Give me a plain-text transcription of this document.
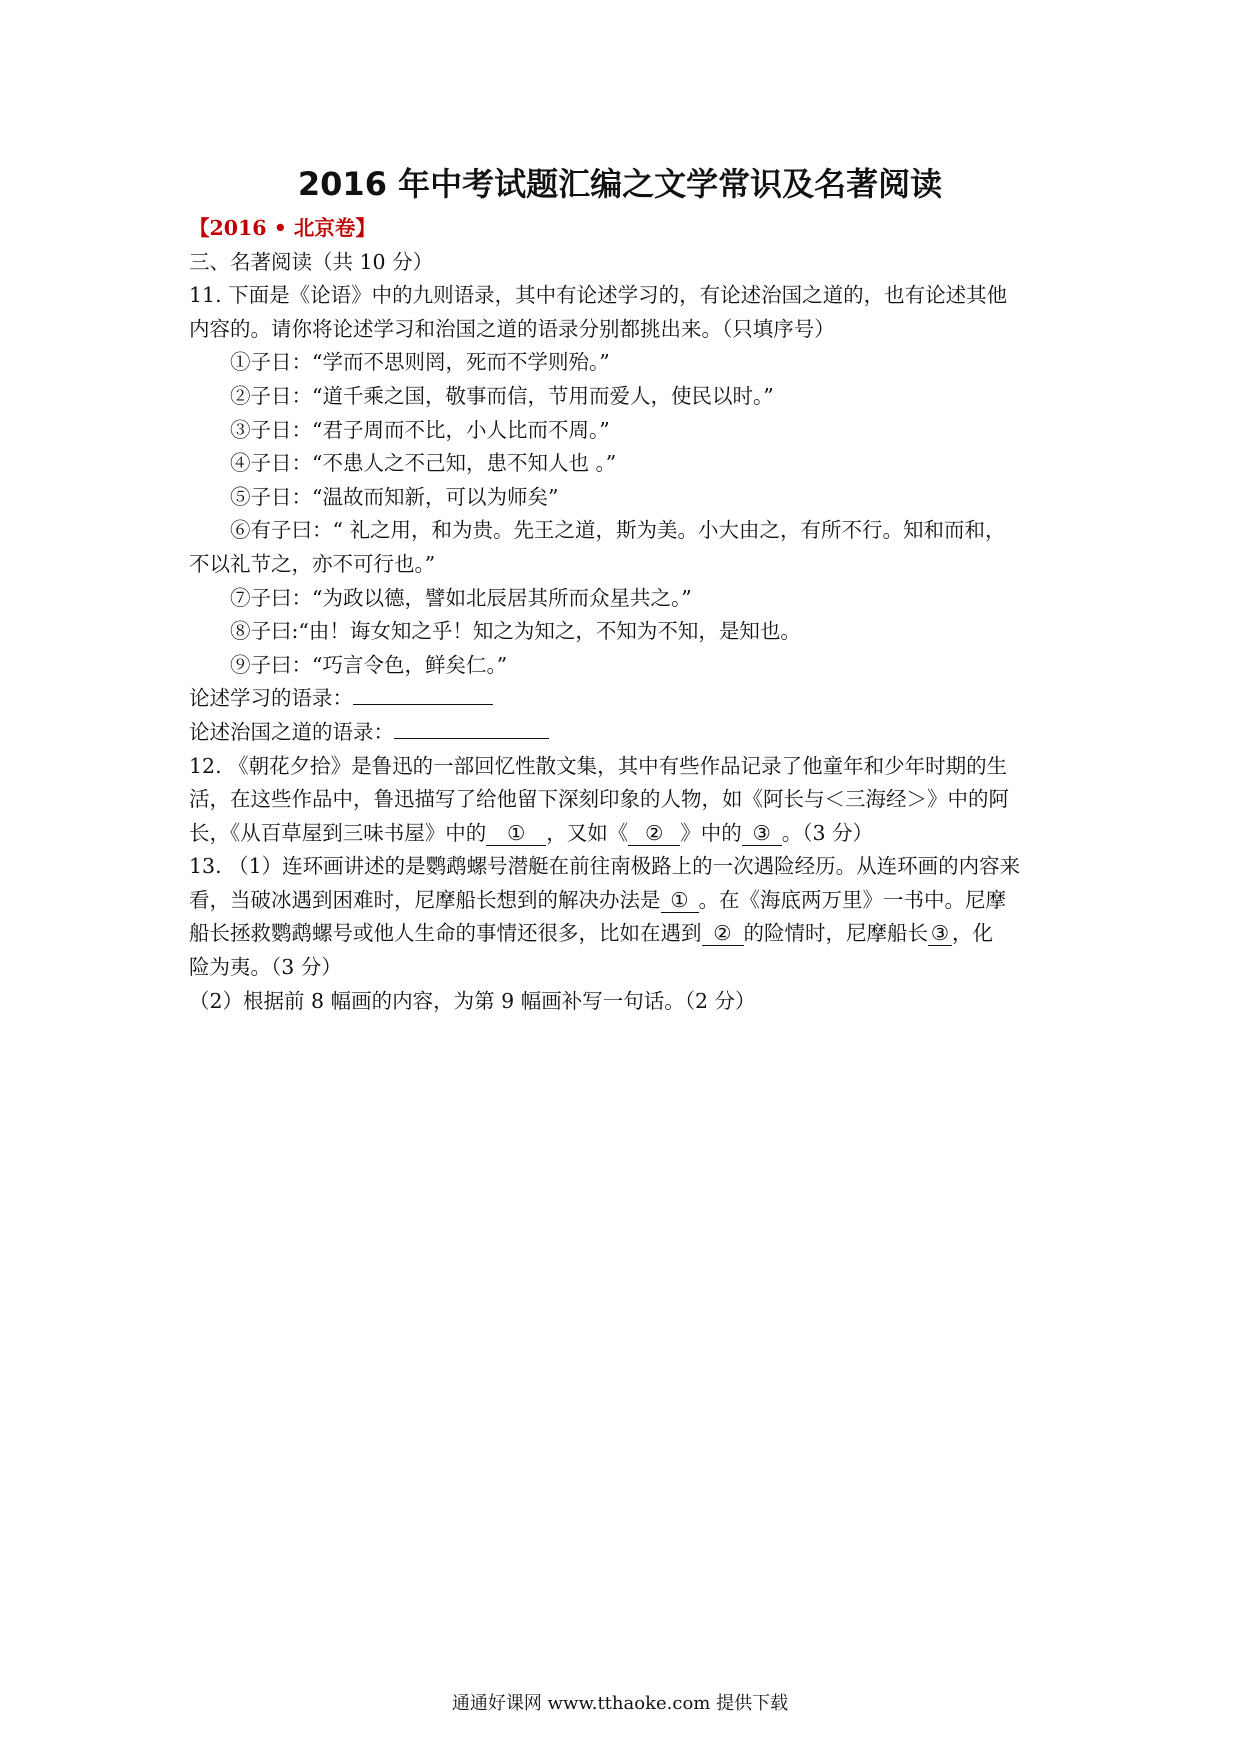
2016 年中考试题汇编之文学常识及名著阅读
【2016 • 北京卷】
三、名著阅读（共 10 分）
11. 下面是《论语》中的九则语录，其中有论述学习的，有论述治国之道的，也有论述其他
内容的。请你将论述学习和治国之道的语录分别都挑出来。（只填序号）
①子日：“学而不思则罔，死而不学则殆。”
②子日：“道千乘之国，敬事而信，节用而爱人，使民以时。”
③子日：“君子周而不比，小人比而不周。”
④子日：“不患人之不己知，患不知人也 。”
⑤子日：“温故而知新，可以为师矣”
⑥有子曰：“ 礼之用，和为贵。先王之道，斯为美。小大由之，有所不行。知和而和，
不以礼节之，亦不可行也。”
⑦子曰：“为政以德，譬如北辰居其所而众星共之。”
⑧子曰:“由！诲女知之乎！知之为知之，不知为不知，是知也。
⑨子曰：“巧言令色，鲜矣仁。”
论述学习的语录：
论述治国之道的语录：
12. 《朝花夕拾》是鲁迅的一部回忆性散文集，其中有些作品记录了他童年和少年时期的生
活，在这些作品中，鲁迅描写了给他留下深刻印象的人物，如《阿长与＜三海经＞》中的阿
长，《从百草屋到三味书屋》中的 ① ，又如《 ② 》中的 ③ 。（3 分）
13. （1）连环画讲述的是鹦鹉螺号潜艇在前往南极路上的一次遇险经历。从连环画的内容来
看，当破冰遇到困难时，尼摩船长想到的解决办法是 ① 。在《海底两万里》一书中。尼摩
船长拯救鹦鹉螺号或他人生命的事情还很多，比如在遇到 ② 的险情时，尼摩船长 ③ ，化
险为夷。（3 分）
（2）根据前 8 幅画的内容，为第 9 幅画补写一句话。（2 分）
通通好课网 www.tthaoke.com 提供下载
